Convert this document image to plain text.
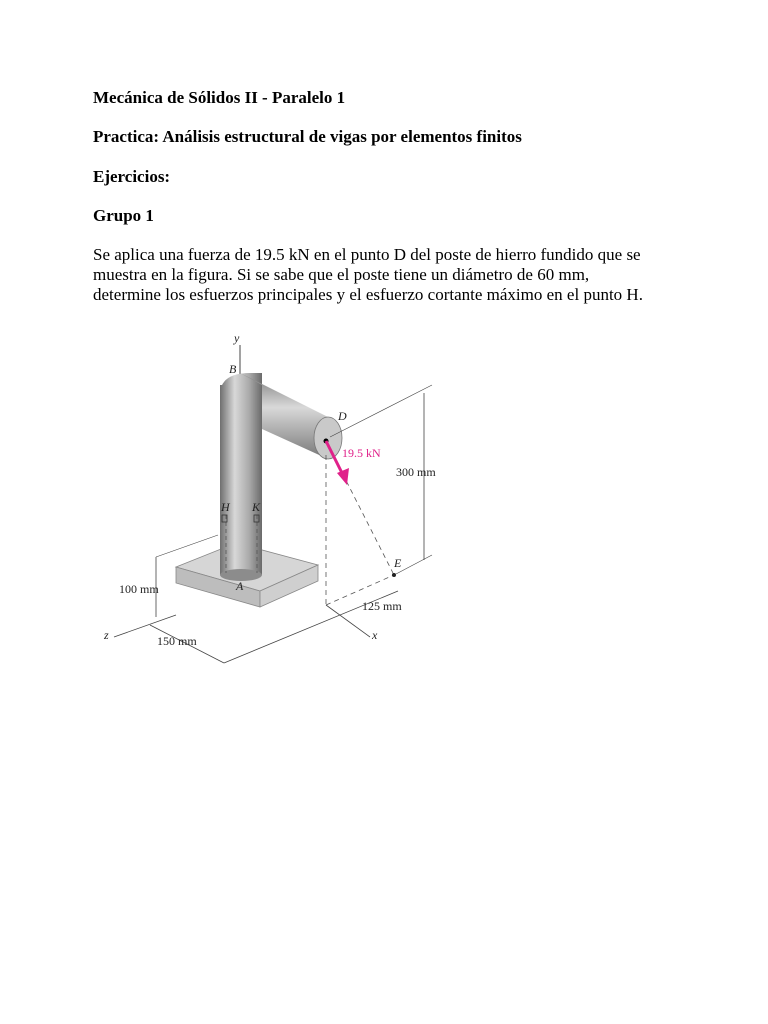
Mecánica de Sólidos II - Paralelo 1

Practica: Análisis estructural de vigas por elementos finitos

Ejercicios:

Grupo 1

Se aplica una fuerza de 19.5 kN en el punto D del poste de hierro fundido que se
muestra en la figura. Si se sabe que el poste tiene un diámetro de 60 mm,
determine los esfuerzos principales y el esfuerzo cortante máximo en el punto H.
y
300 mm
100 mm
z	x
150 mm
125 mm
B
D
H K
A
E
19.5 kN
